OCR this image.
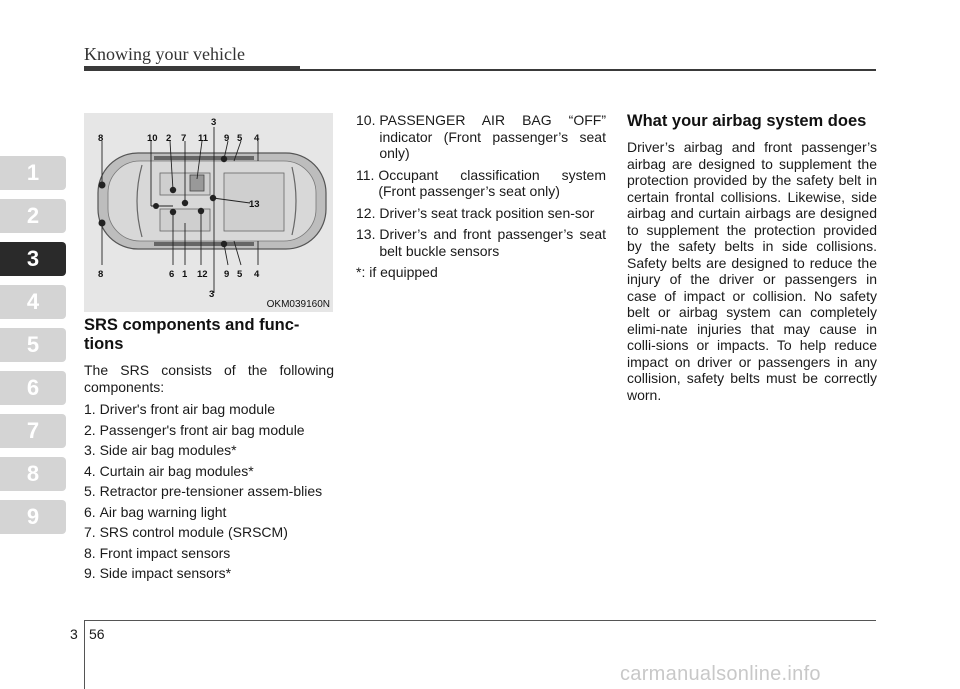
Knowing your vehicle
1
2
3
4
5
6
7
8
9
3
8	10 2 7 11 9 5 4
13
8	6 1 12 9 5 4
3
OKM039160N
SRS components and func-
tions

The SRS consists of the following components:

1. Driver's front air bag module
2. Passenger's front air bag module
3. Side air bag modules*
4. Curtain air bag modules*
5. Retractor pre-tensioner assem-blies
6. Air bag warning light
7. SRS control module (SRSCM)
8. Front impact sensors
9. Side impact sensors*
10. PASSENGER AIR BAG “OFF” indicator (Front passenger’s seat only)
11. Occupant classification system (Front passenger’s seat only)
12. Driver’s seat track position sen-sor
13. Driver’s and front passenger’s seat belt buckle sensors
*: if equipped
What your airbag system does

Driver’s airbag and front passenger’s airbag are designed to supplement the protection provided by the safety belt in certain frontal collisions. Likewise, side airbag and curtain airbags are designed to supplement the protection provided by the safety belts in side collisions. Safety belts are designed to reduce the injury of the driver or passengers in case of impact or collision. No safety belt or airbag system can completely elimi-nate injuries that may cause in colli-sions or impacts. To help reduce impact on driver or passengers in any collision, safety belts must be correctly worn.

3 56
carmanualsonline.info
